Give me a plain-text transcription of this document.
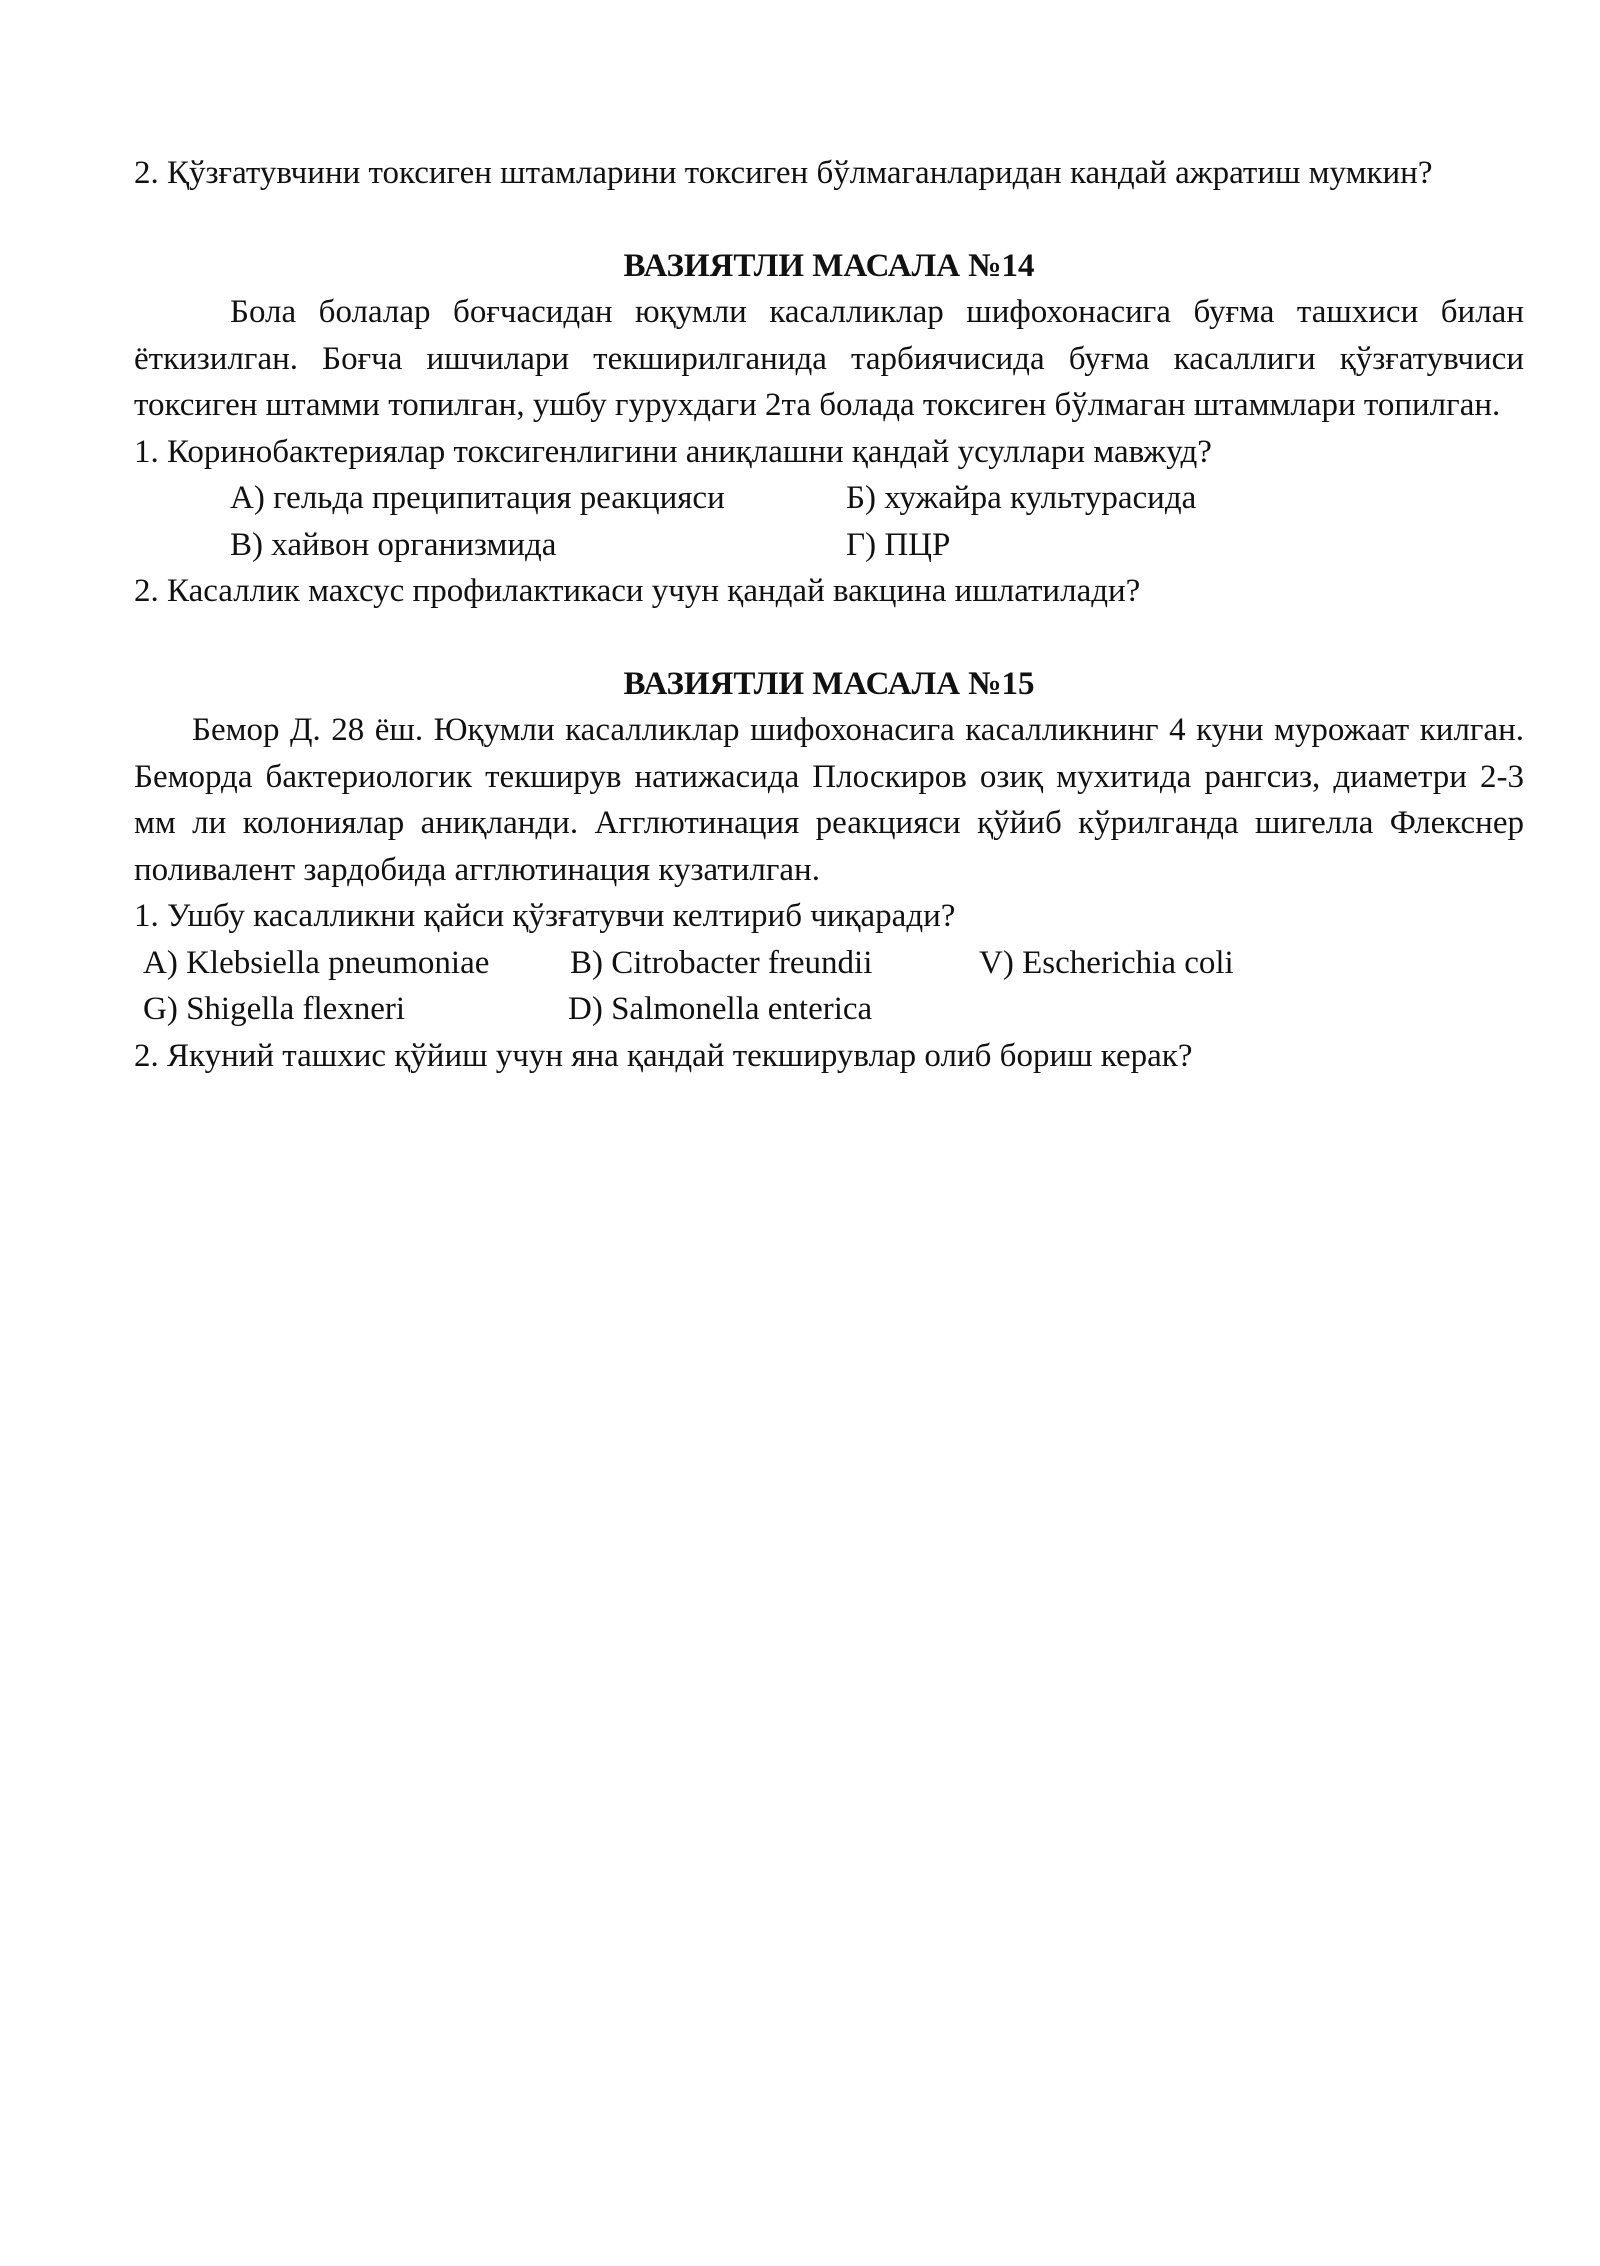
2. Қўзғатувчини токсиген штамларини токсиген бўлмаганларидан кандай ажратиш мумкин?

ВАЗИЯТЛИ МАСАЛА №14

Бола болалар боғчасидан юқумли касалликлар шифохонасига буғма ташхиси билан ёткизилган. Боғча ишчилари текширилганида тарбиячисида буғма касаллиги қўзғатувчиси токсиген штамми топилган, ушбу гурухдаги 2та болада токсиген бўлмаган штаммлари топилган.

1. Коринобактериялар токсигенлигини аниқлашни қандай усуллари мавжуд?

А) гельда преципитация реакцияси	Б) хужайра культурасида
В) хайвон организмида	Г) ПЦР

2. Касаллик махсус профилактикаси учун қандай вакцина ишлатилади?

ВАЗИЯТЛИ МАСАЛА №15

Бемор Д. 28 ёш. Юқумли касалликлар шифохонасига касалликнинг 4 куни мурожаат килган. Беморда бактериологик текширув натижасида Плоскиров озиқ мухитида рангсиз, диаметри 2-3 мм ли колониялар аниқланди. Агглютинация реакцияси қўйиб кўрилганда шигелла Флекснер поливалент зардобида агглютинация кузатилган.

1. Ушбу касалликни қайси қўзғатувчи келтириб чиқаради?

A) Klebsiella pneumoniae B) Citrobacter freundii	V) Escherichia coli
G) Shigella flexneri	D) Salmonella enterica

2. Якуний ташхис қўйиш учун яна қандай текширувлар олиб бориш керак?
